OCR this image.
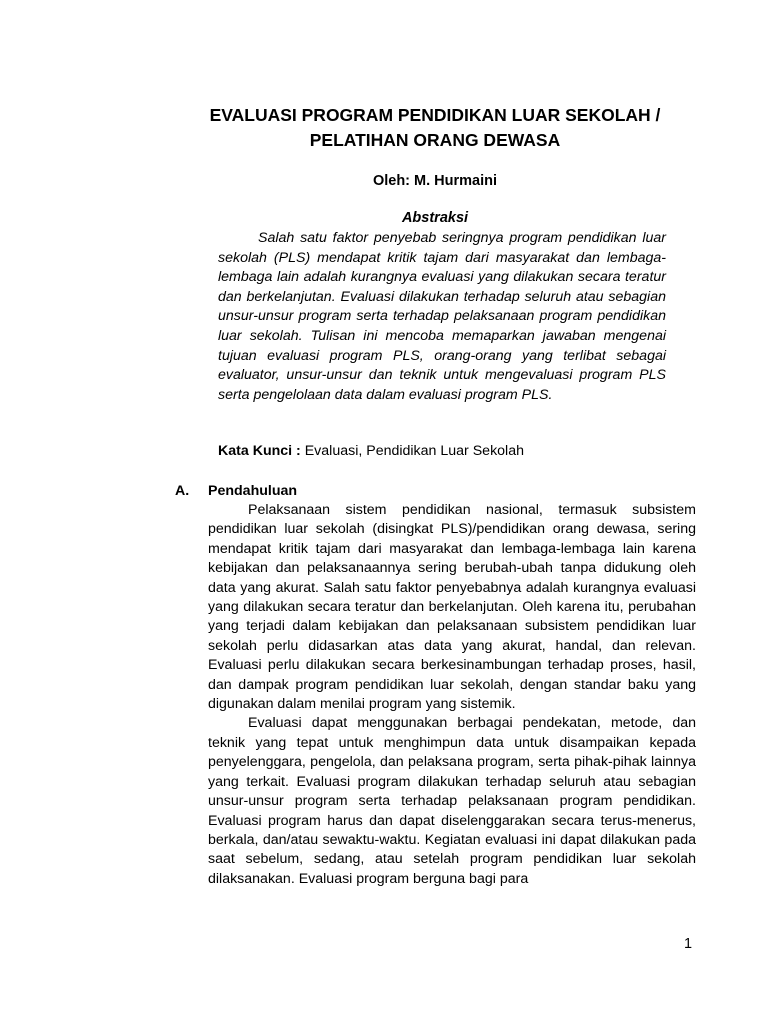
EVALUASI PROGRAM PENDIDIKAN LUAR SEKOLAH /
PELATIHAN ORANG DEWASA
Oleh: M. Hurmaini
Abstraksi

Salah satu faktor penyebab seringnya program pendidikan luar sekolah (PLS) mendapat kritik tajam dari masyarakat dan lembaga-lembaga lain adalah kurangnya evaluasi yang dilakukan secara teratur dan berkelanjutan. Evaluasi dilakukan terhadap seluruh atau sebagian unsur-unsur program serta terhadap pelaksanaan program pendidikan luar sekolah. Tulisan ini mencoba memaparkan jawaban mengenai tujuan evaluasi program PLS, orang-orang yang terlibat sebagai evaluator, unsur-unsur dan teknik untuk mengevaluasi program PLS serta pengelolaan data dalam evaluasi program PLS.

Kata Kunci : Evaluasi, Pendidikan Luar Sekolah
A. Pendahuluan

Pelaksanaan sistem pendidikan nasional, termasuk subsistem pendidikan luar sekolah (disingkat PLS)/pendidikan orang dewasa, sering mendapat kritik tajam dari masyarakat dan lembaga-lembaga lain karena kebijakan dan pelaksanaannya sering berubah-ubah tanpa didukung oleh data yang akurat. Salah satu faktor penyebabnya adalah kurangnya evaluasi yang dilakukan secara teratur dan berkelanjutan. Oleh karena itu, perubahan yang terjadi dalam kebijakan dan pelaksanaan subsistem pendidikan luar sekolah perlu didasarkan atas data yang akurat, handal, dan relevan. Evaluasi perlu dilakukan secara berkesinambungan terhadap proses, hasil, dan dampak program pendidikan luar sekolah, dengan standar baku yang digunakan dalam menilai program yang sistemik.

Evaluasi dapat menggunakan berbagai pendekatan, metode, dan teknik yang tepat untuk menghimpun data untuk disampaikan kepada penyelenggara, pengelola, dan pelaksana program, serta pihak-pihak lainnya yang terkait. Evaluasi program dilakukan terhadap seluruh atau sebagian unsur-unsur program serta terhadap pelaksanaan program pendidikan. Evaluasi program harus dan dapat diselenggarakan secara terus-menerus, berkala, dan/atau sewaktu-waktu. Kegiatan evaluasi ini dapat dilakukan pada saat sebelum, sedang, atau setelah program pendidikan luar sekolah dilaksanakan. Evaluasi program berguna bagi para

1
